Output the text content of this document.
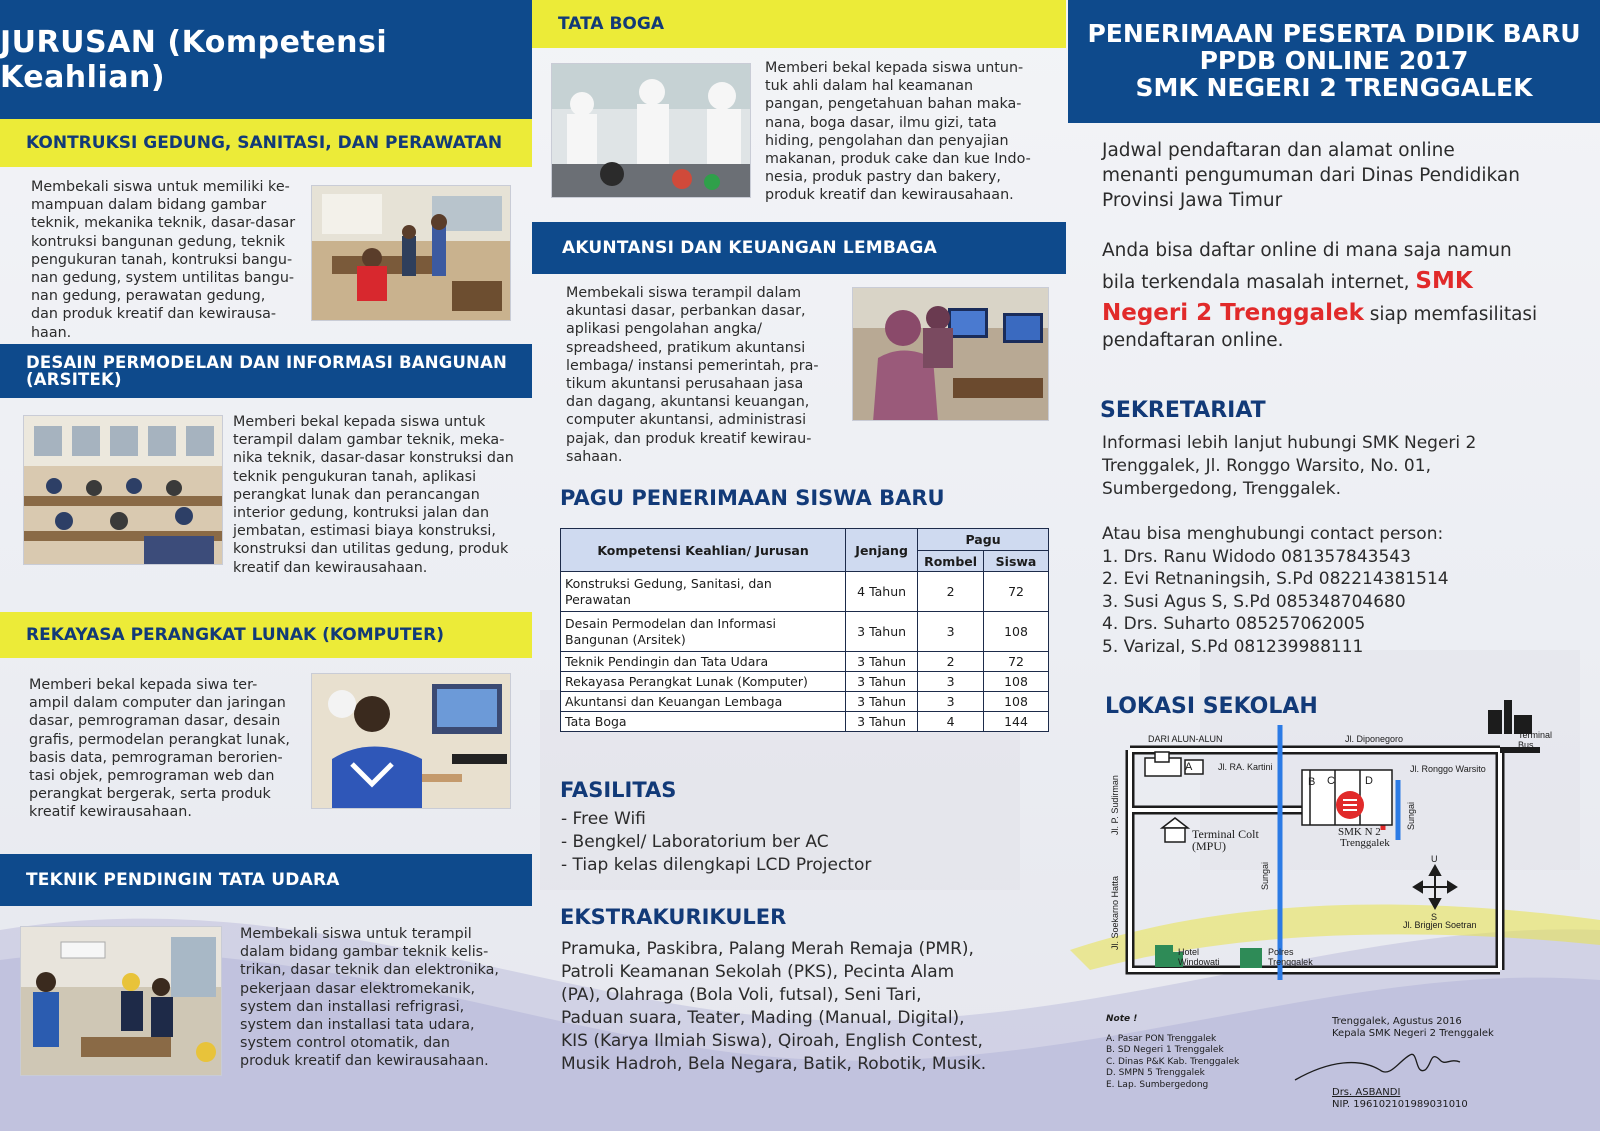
JURUSAN (Kompetensi Keahlian)
KONTRUKSI GEDUNG, SANITASI, DAN PERAWATAN
Membekali siswa untuk memiliki ke-
mampuan dalam bidang gambar
teknik, mekanika teknik, dasar-dasar
kontruksi bangunan gedung, teknik
pengukuran tanah, kontruksi bangu-
nan gedung, system untilitas bangu-
nan gedung, perawatan gedung,
dan produk kreatif dan kewirausa-
haan.
DESAIN PERMODELAN DAN INFORMASI BANGUNAN (ARSITEK)
Memberi bekal kepada siswa untuk
terampil dalam gambar teknik, meka-
nika teknik, dasar-dasar konstruksi dan
teknik pengukuran tanah, aplikasi
perangkat lunak dan perancangan
interior gedung, kontruksi jalan dan
jembatan, estimasi biaya konstruksi,
konstruksi dan utilitas gedung, produk
kreatif dan kewirausahaan.
REKAYASA PERANGKAT LUNAK (KOMPUTER)
Memberi bekal kepada siwa ter-
ampil dalam computer dan jaringan
dasar, pemrograman dasar, desain
grafis, permodelan perangkat lunak,
basis data, pemrograman berorien-
tasi objek, pemrograman web dan
perangkat bergerak, serta produk
kreatif kewirausahaan.
TEKNIK PENDINGIN TATA UDARA
Membekali siswa untuk terampil
dalam bidang gambar teknik kelis-
trikan, dasar teknik dan elektronika,
pekerjaan dasar elektromekanik,
system dan installasi refrigrasi,
system dan installasi tata udara,
system control otomatik, dan
produk kreatif dan kewirausahaan.
TATA BOGA
Memberi bekal kepada siswa untun-
tuk ahli dalam hal keamanan
pangan, pengetahuan bahan maka-
nana, boga dasar, ilmu gizi, tata
hiding, pengolahan dan penyajian
makanan, produk cake dan kue Indo-
nesia, produk pastry dan bakery,
produk kreatif dan kewirausahaan.
AKUNTANSI DAN KEUANGAN LEMBAGA
Membekali siswa terampil dalam
akuntasi dasar, perbankan dasar,
aplikasi pengolahan angka/
spreadsheed, pratikum akuntansi
lembaga/ instansi pemerintah, pra-
tikum akuntansi perusahaan jasa
dan dagang, akuntansi keuangan,
computer akuntansi, administrasi
pajak, dan produk kreatif kewirau-
sahaan.
PAGU PENERIMAAN SISWA BARU
Kompetensi Keahlian/ Jurusan	Jenjang	Pagu	
		Rombel	Siswa
Konstruksi Gedung, Sanitasi, dan Perawatan	4 Tahun	2	72
Desain Permodelan dan Informasi Bangunan (Arsitek)	3 Tahun	3	108
Teknik Pendingin dan Tata Udara	3 Tahun	2	72
Rekayasa Perangkat Lunak (Komputer)	3 Tahun	3	108
Akuntansi dan Keuangan Lembaga	3 Tahun	3	108
Tata Boga	3 Tahun	4	144
FASILITAS
- Free Wifi
- Bengkel/ Laboratorium ber AC
- Tiap kelas dilengkapi LCD Projector
EKSTRAKURIKULER
Pramuka, Paskibra, Palang Merah Remaja (PMR),
Patroli Keamanan Sekolah (PKS), Pecinta Alam
(PA), Olahraga (Bola Voli, futsal), Seni Tari,
Paduan suara, Teater, Mading (Manual, Digital),
KIS (Karya Ilmiah Siswa), Qiroah, English Contest,
Musik Hadroh, Bela Negara, Batik, Robotik, Musik.
PENERIMAAN PESERTA DIDIK BARU
PPDB ONLINE 2017
SMK NEGERI 2 TRENGGALEK
Jadwal pendaftaran dan alamat online
menanti pengumuman dari Dinas Pendidikan
Provinsi Jawa Timur
Anda bisa daftar online di mana saja namun
bila terkendala masalah internet, SMK
Negeri 2 Trenggalek siap memfasilitasi
pendaftaran online.
SEKRETARIAT
Informasi lebih lanjut hubungi SMK Negeri 2
Trenggalek, Jl. Ronggo Warsito, No. 01,
Sumbergedong, Trenggalek.
Atau bisa menghubungi contact person:
1. Drs. Ranu Widodo 081357843543
2. Evi Retnaningsih, S.Pd 082214381514
3. Susi Agus S, S.Pd 085348704680
4. Drs. Suharto 085257062005
5. Varizal, S.Pd 081239988111
LOKASI SEKOLAH
DARI ALUN-ALUN	Jl. Diponegoro	Terminal
Bus
Jl. RA. Kartini	Jl. Ronggo Warsito
A
B C	D
Terminal Colt
(MPU)
SMK N 2
Trenggalek
Jl. Brigjen Soetran
Hotel
Windowati
Polres
Trenggalek
U
S
Jl. P. Sudirman
Jl. Soekarno Hatta	Sungai
Sungai
Note !
A. Pasar PON Trenggalek
B. SD Negeri 1 Trenggalek
C. Dinas P&K Kab. Trenggalek
D. SMPN 5 Trenggalek
E. Lap. Sumbergedong
Trenggalek, Agustus 2016
Kepala SMK Negeri 2 Trenggalek
Drs. ASBANDI
NIP. 196102101989031010
